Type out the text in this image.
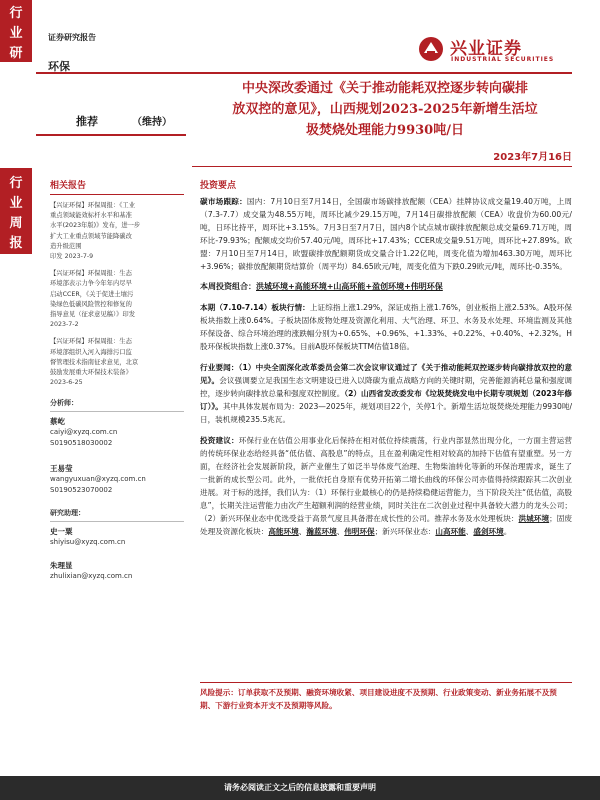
行
业
研
行
业
周
报
证券研究报告
环保
兴业证券
INDUSTRIAL SECURITIES
中央深改委通过《关于推动能耗双控逐步转向碳排
放双控的意见》，山西规划2023-2025年新增生活垃
圾焚烧处理能力9930吨/日
推荐	（维持）
2023年7月16日
相关报告
【兴证环保】环保周报：《工业
重点领域能效标杆水平和基准
水平(2023年版)》发布，进一步
扩大工业重点领域节能降碳改
造升级范围
印发 2023-7-9
【兴证环保】环保周报：生态
环境部表示力争今年年内尽早
启动CCER，《关于促进土壤污
染绿色低碳风险管控和修复的
指导意见（征求意见稿）》印发
2023-7-2
【兴证环保】环保周报：生态
环境部组织入河入海排污口监
督管理技术指南征求意见，北京
鼓励发展重大环保技术装备》
2023-6-25
分析师：
蔡屹
caiyi@xyzq.com.cn
S0190518030002
王易莹
wangyuxuan@xyzq.com.cn
S0190523070002
研究助理：
史一粟
shiyisu@xyzq.com.cn
朱理显
zhulixian@xyzq.com.cn
投资要点

碳市场跟踪：国内：7月10日至7月14日，全国碳市场碳排放配额（CEA）挂牌协议成交量19.40万吨，上周（7.3-7.7）成交量为48.55万吨，周环比减少29.15万吨，7月14日碳排放配额（CEA）收盘价为60.00元/吨，日环比持平，周环比+3.15%。7月3日至7月7日，国内8个试点城市碳排放配额总成交量69.71万吨，周环比-79.93%；配额成交均价57.40元/吨，周环比+17.43%；CCER成交量9.51万吨，周环比+27.89%。欧盟：7月10日至7月14日，欧盟碳排放配额期货成交量合计1.22亿吨，周变化值为增加463.30万吨，周环比+3.96%；碳排放配额期货结算价（周平均）84.65欧元/吨，周变化值为下跌0.29欧元/吨，周环比-0.35%。

本周投资组合：洪城环境+高能环境+山高环能+盈创环境+伟明环保

本期（7.10-7.14）板块行情：上证综指上涨1.29%，深证成指上涨1.76%，创业板指上涨2.53%。A股环保板块指数上涨0.64%。子板块固体废物处理及资源化利用、大气治理、环卫、水务及水处理、环境监测及其他环保设备、综合环境治理的涨跌幅分别为+0.65%、+0.96%、+1.33%、+0.22%、+0.40%、+2.32%。H股环保板块指数上涨0.37%。目前A股环保板块TTM估值18倍。

行业要闻：（1）中央全面深化改革委员会第二次会议审议通过了《关于推动能耗双控逐步转向碳排放双控的意见》。会议强调要立足我国生态文明建设已进入以降碳为重点战略方向的关键时期，完善能源消耗总量和强度调控，逐步转向碳排放总量和强度双控制度。（2）山西省发改委发布《垃圾焚烧发电中长期专项规划（2023年修订）》。其中具体发展布局为：2023—2025年，规划项目22个，关停1个。新增生活垃圾焚烧处理能力9930吨/日，装机规模235.5兆瓦。

投资建议：环保行业在估值公用事业化后保持在相对低位持续震荡，行业内部显然出现分化，一方面主营运营的传统环保业态给经具备“低估值、高股息”的特点，且在盈利确定性相对较高的加持下估值有望重塑。另一方面，在经济社会发展新阶段，新产业催生了如泛半导体废气治理、生物柴油转化等新的环保治理需求，诞生了一批新的成长型公司。此外，一批依托自身原有优势开拓第二增长曲线的环保公司亦值得持续跟踪其二次创业进展。对于标的选择，我们认为：（1）环保行业最核心的仍是持续稳健运营能力，当下阶段关注“低估值，高股息”，长期关注运营能力由次产生超额利润的经营业绩，同时关注在二次创业过程中具备较大潜力的龙头公司；（2）新兴环保业态中优选受益于高景气度且具备潜在成长性的公司。推荐水务及水处理板块：洪城环境；固废处理及资源化板块：高能环境、瀚蓝环境、伟明环保；新兴环保业态：山高环能、盛剑环境。

风险提示：订单获取不及预期、融资环境收紧、项目建设进度不及预期、行业政策变动、新业务拓展不及预期、下游行业资本开支不及预期等风险。
请务必阅读正文之后的信息披露和重要声明
